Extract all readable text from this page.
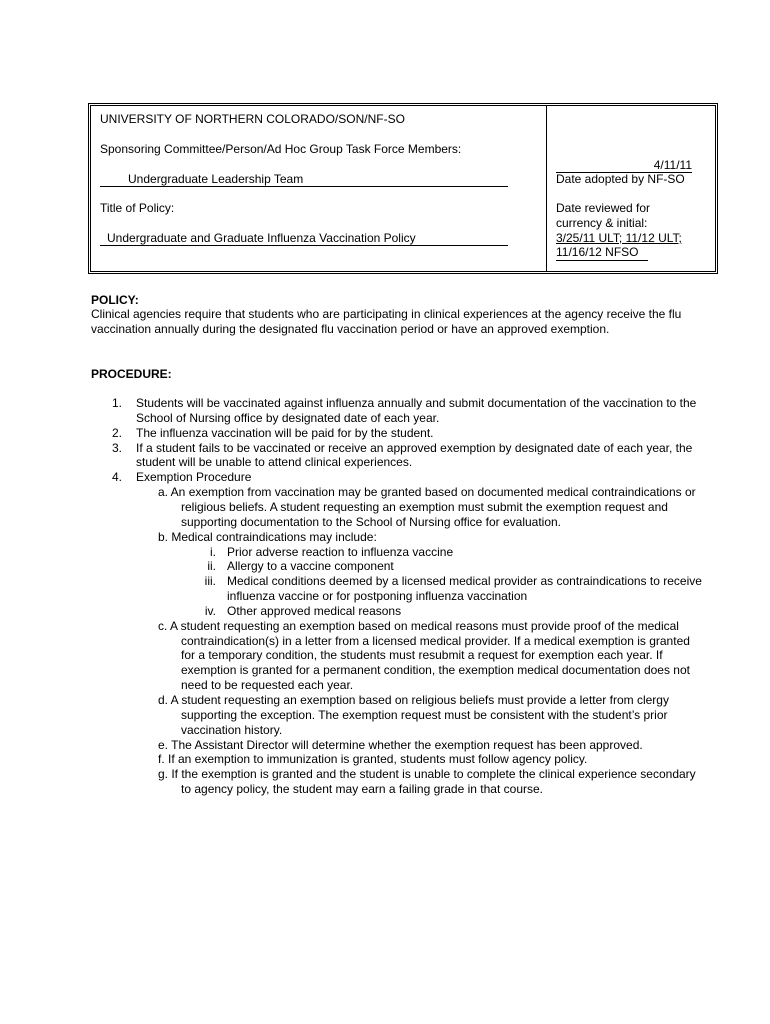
UNIVERSITY OF NORTHERN COLORADO/SON/NF-SO
Sponsoring Committee/Person/Ad Hoc Group Task Force Members:
Undergraduate Leadership Team
Title of Policy:
Undergraduate and Graduate Influenza Vaccination Policy
4/11/11
Date adopted by NF-SO
Date reviewed for
currency & initial:
3/25/11 ULT; 11/12 ULT;
11/16/12 NFSO
POLICY:
Clinical agencies require that students who are participating in clinical experiences at the agency receive the flu
vaccination annually during the designated flu vaccination period or have an approved exemption.
PROCEDURE:
1. Students will be vaccinated against influenza annually and submit documentation of the vaccination to the
School of Nursing office by designated date of each year.
2. The influenza vaccination will be paid for by the student.
3. If a student fails to be vaccinated or receive an approved exemption by designated date of each year, the
student will be unable to attend clinical experiences.
4. Exemption Procedure
a. An exemption from vaccination may be granted based on documented medical contraindications or
religious beliefs. A student requesting an exemption must submit the exemption request and
supporting documentation to the School of Nursing office for evaluation.
b. Medical contraindications may include:
i. Prior adverse reaction to influenza vaccine
ii. Allergy to a vaccine component
iii. Medical conditions deemed by a licensed medical provider as contraindications to receive
influenza vaccine or for postponing influenza vaccination
iv. Other approved medical reasons
c. A student requesting an exemption based on medical reasons must provide proof of the medical
contraindication(s) in a letter from a licensed medical provider. If a medical exemption is granted
for a temporary condition, the students must resubmit a request for exemption each year. If
exemption is granted for a permanent condition, the exemption medical documentation does not
need to be requested each year.
d. A student requesting an exemption based on religious beliefs must provide a letter from clergy
supporting the exception. The exemption request must be consistent with the student’s prior
vaccination history.
e. The Assistant Director will determine whether the exemption request has been approved.
f. If an exemption to immunization is granted, students must follow agency policy.
g. If the exemption is granted and the student is unable to complete the clinical experience secondary
to agency policy, the student may earn a failing grade in that course.
